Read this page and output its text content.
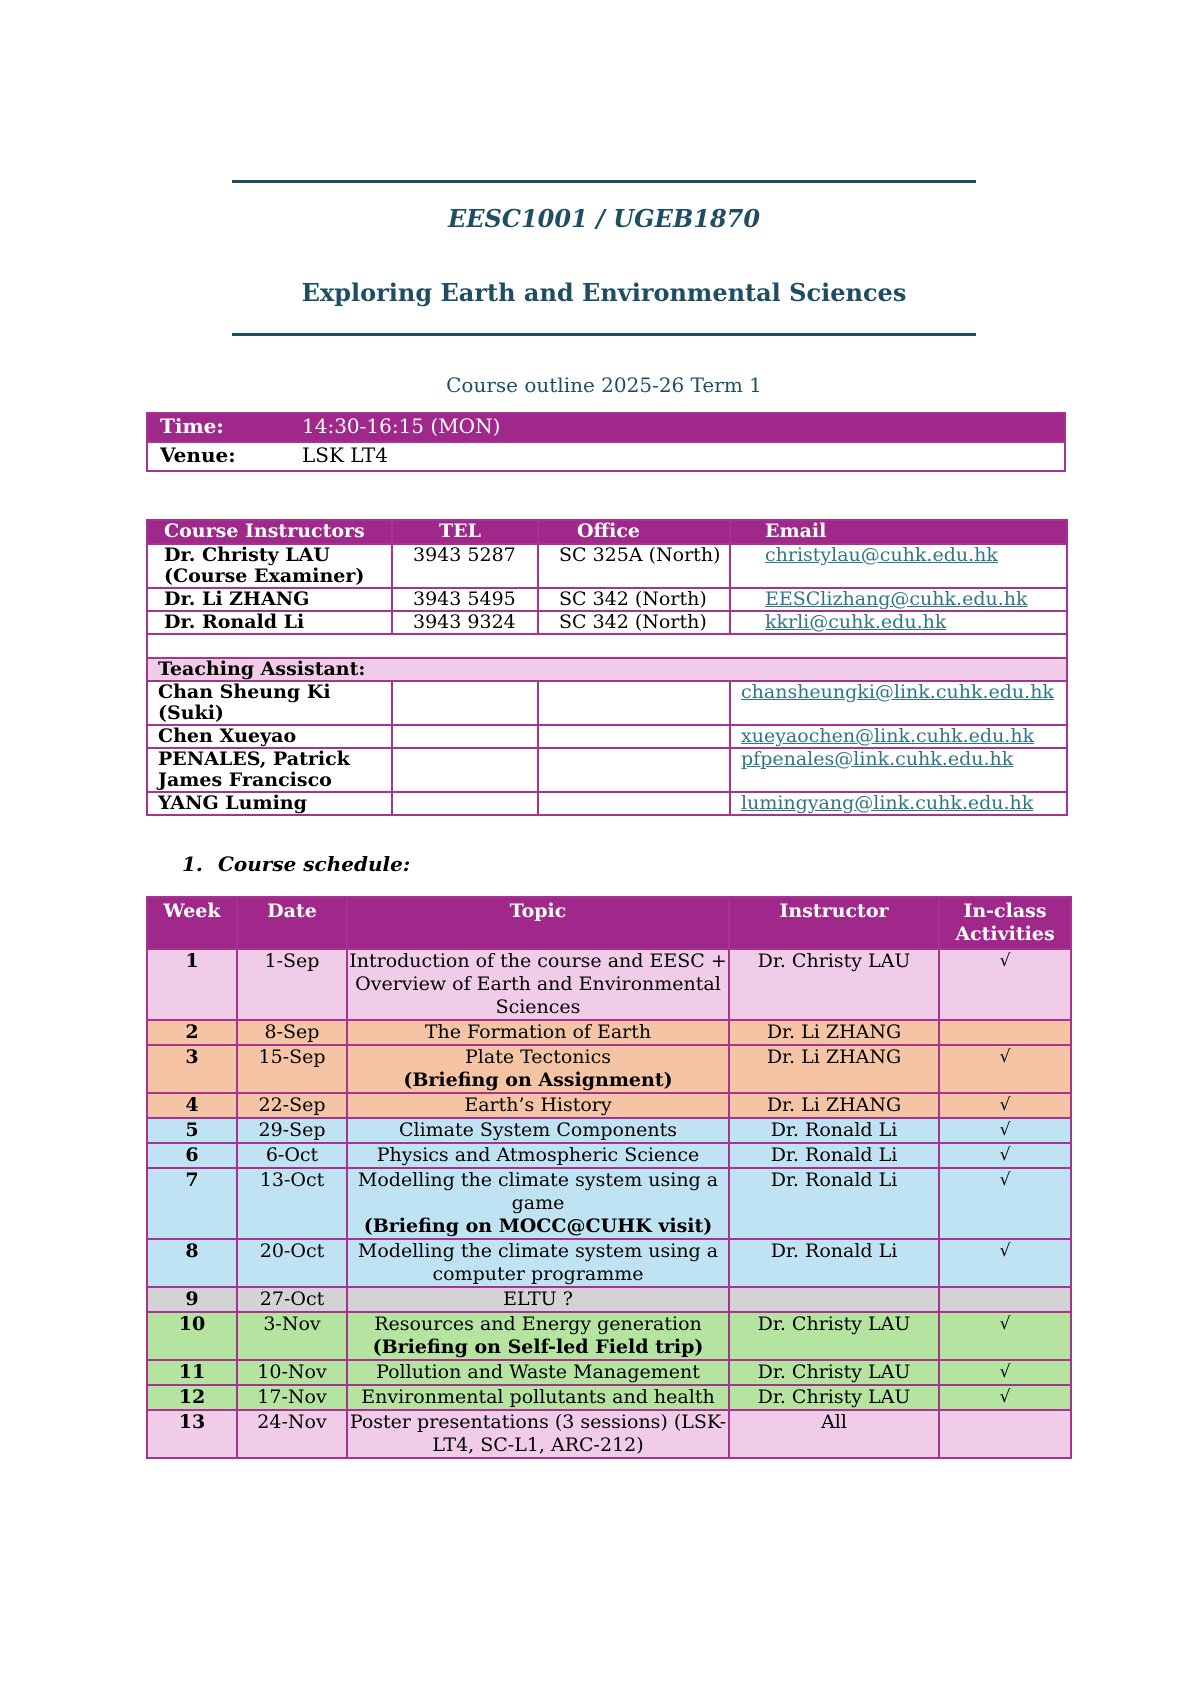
EESC1001 / UGEB1870
Exploring Earth and Environmental Sciences
Course outline 2025-26 Term 1
Time:	14:30-16:15 (MON)
Venue:	LSK LT4
Course Instructors	TEL	Office	Email

Dr. Christy LAU
(Course Examiner)	3943 5287	SC 325A (North)	christylau@cuhk.edu.hk

Dr. Li ZHANG	3943 5495	SC 342 (North)	EESClizhang@cuhk.edu.hk

Dr. Ronald Li	3943 9324	SC 342 (North)	kkrli@cuhk.edu.hk

Teaching Assistant:			

Chan Sheung Ki (Suki)			chansheungki@link.cuhk.edu.hk

Chen Xueyao			xueyaochen@link.cuhk.edu.hk

PENALES, Patrick
James Francisco			pfpenales@link.cuhk.edu.hk

YANG Luming			lumingyang@link.cuhk.edu.hk
1. Course schedule:
Week	Date	Topic	Instructor	In-class Activities
1	1-Sep	Introduction of the course and EESC + Overview of Earth and Environmental Sciences	Dr. Christy LAU	√
2	8-Sep	The Formation of Earth	Dr. Li ZHANG	
3	15-Sep	Plate Tectonics
(Briefing on Assignment)	Dr. Li ZHANG	√
4	22-Sep	Earth’s History	Dr. Li ZHANG	√
5	29-Sep	Climate System Components	Dr. Ronald Li	√
6	6-Oct	Physics and Atmospheric Science	Dr. Ronald Li	√
7	13-Oct	Modelling the climate system using a game
(Briefing on MOCC@CUHK visit)	Dr. Ronald Li	√
8	20-Oct	Modelling the climate system using a computer programme	Dr. Ronald Li	√
9	27-Oct	ELTU ?		
10	3-Nov	Resources and Energy generation
(Briefing on Self-led Field trip)	Dr. Christy LAU	√
11	10-Nov	Pollution and Waste Management	Dr. Christy LAU	√
12	17-Nov	Environmental pollutants and health	Dr. Christy LAU	√
13	24-Nov	Poster presentations (3 sessions) (LSK-LT4, SC-L1, ARC-212)	All	
